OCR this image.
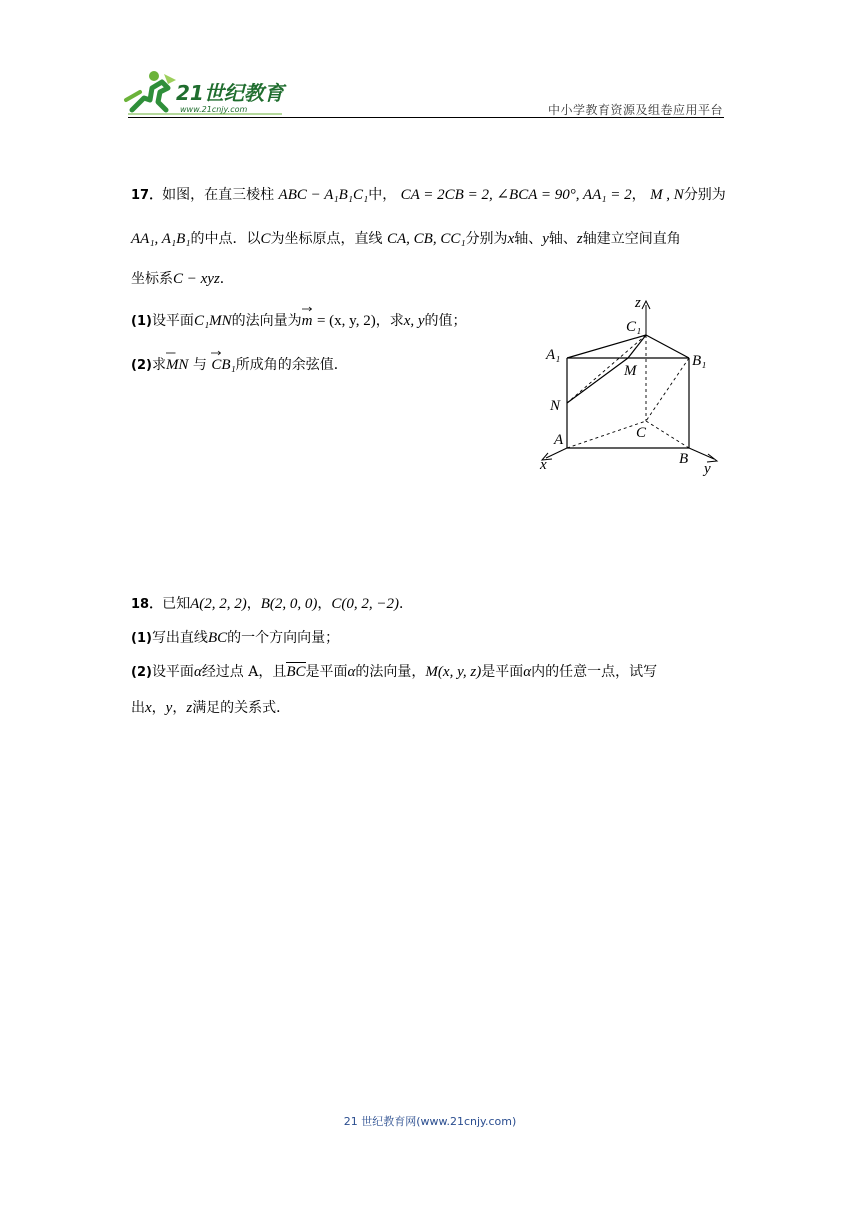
21世纪教育
www.21cnjy.com	中小学教育资源及组卷应用平台
17．如图，在直三棱柱 ABC − A₁B₁C₁中， CA = 2CB = 2, ∠BCA = 90°, AA₁ = 2， M , N分别为
AA₁, A₁B₁的中点．以C为坐标原点，直线 CA, CB, CC₁分别为x轴、y轴、z轴建立空间直角
坐标系C − xyz．
(1)设平面C₁MN的法向量为
m = (x, y, 2)，求x, y的值；
(2)求
MN 与 CB₁所成角的余弦值．
z
C₁
A₁
M
B₁
N
C
A
B
x	y
18．已知A(2, 2, 2)，B(2, 0, 0)，C(0, 2, −2)．
(1)写出直线BC的一个方向向量；
(2)设平面α经过点 A，且BC是平面α的法向量，M(x, y, z)是平面α内的任意一点，试写
出x，y，z满足的关系式．
21 世纪教育网(www.21cnjy.com)
